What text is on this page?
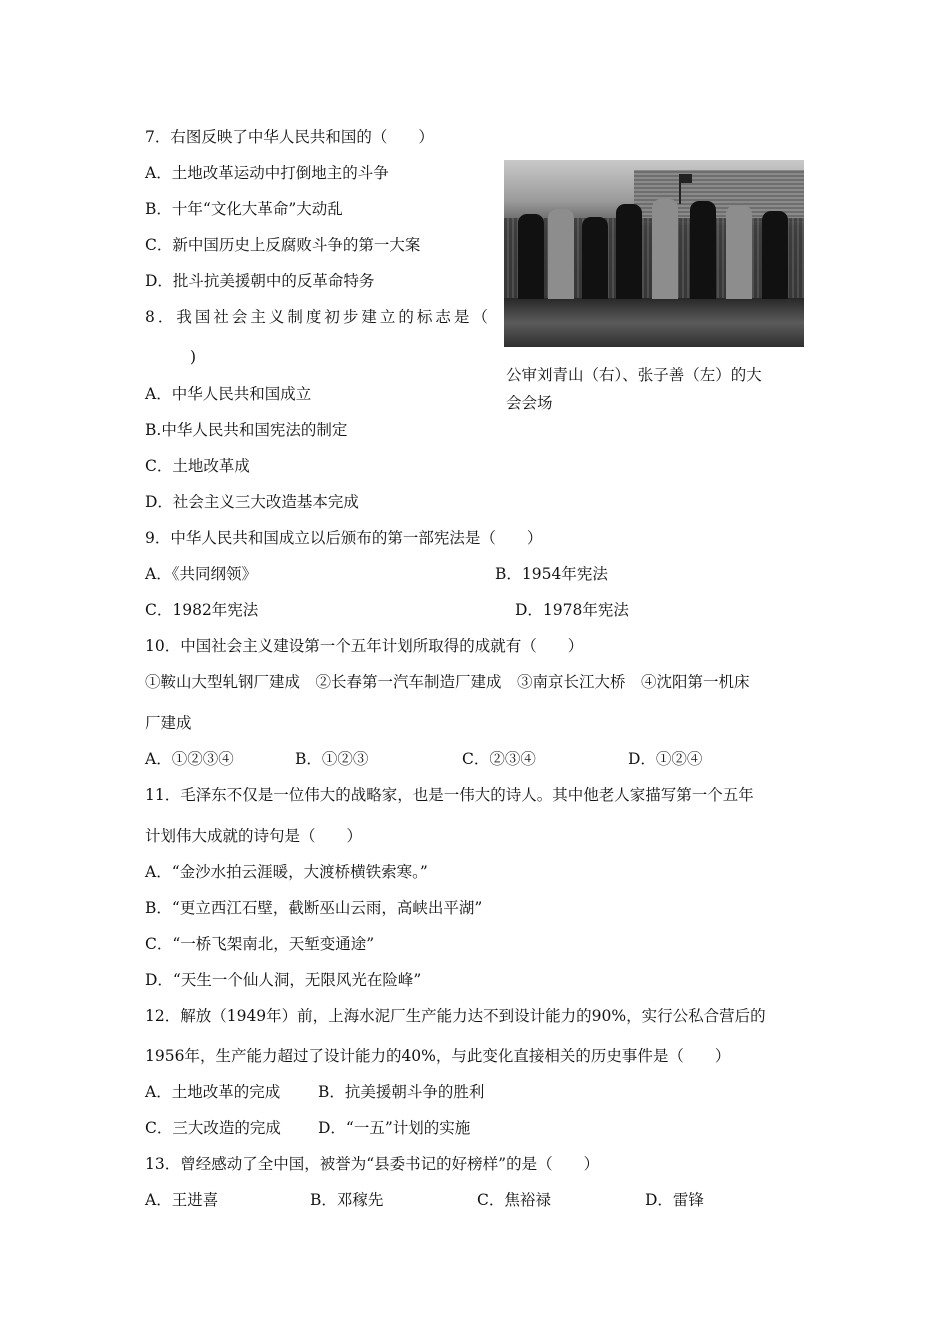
7．右图反映了中华人民共和国的（　　）
A．土地改革运动中打倒地主的斗争
B．十年“文化大革命”大动乱
C．新中国历史上反腐败斗争的第一大案
D．批斗抗美援朝中的反革命特务
公审刘青山（右）、张子善（左）的大
会会场
8．我国社会主义制度初步建立的标志是（
)
A．中华人民共和国成立
B.中华人民共和国宪法的制定
C．土地改革成
D．社会主义三大改造基本完成
9．中华人民共和国成立以后颁布的第一部宪法是（　　）
A．《共同纲领》	B．1954年宪法
C．1982年宪法	D．1978年宪法
10．中国社会主义建设第一个五年计划所取得的成就有（　　）
①鞍山大型轧钢厂建成　②长春第一汽车制造厂建成　③南京长江大桥　④沈阳第一机床
厂建成
A．①②③④	B．①②③	C．②③④	D．①②④
11．毛泽东不仅是一位伟大的战略家，也是一伟大的诗人。其中他老人家描写第一个五年
计划伟大成就的诗句是（　　）
A．“金沙水拍云涯暖，大渡桥横铁索寒。”
B．“更立西江石壁，截断巫山云雨，高峡出平湖”
C．“一桥飞架南北，天堑变通途”
D．“天生一个仙人洞，无限风光在险峰”
12．解放（1949年）前，上海水泥厂生产能力达不到设计能力的90%，实行公私合营后的
1956年，生产能力超过了设计能力的40%，与此变化直接相关的历史事件是（　　）
A．土地改革的完成 B．抗美援朝斗争的胜利
C．三大改造的完成 D．“一五”计划的实施
13．曾经感动了全中国，被誉为“县委书记的好榜样”的是（　　）
A．王进喜	B．邓稼先	C．焦裕禄	D．雷锋
